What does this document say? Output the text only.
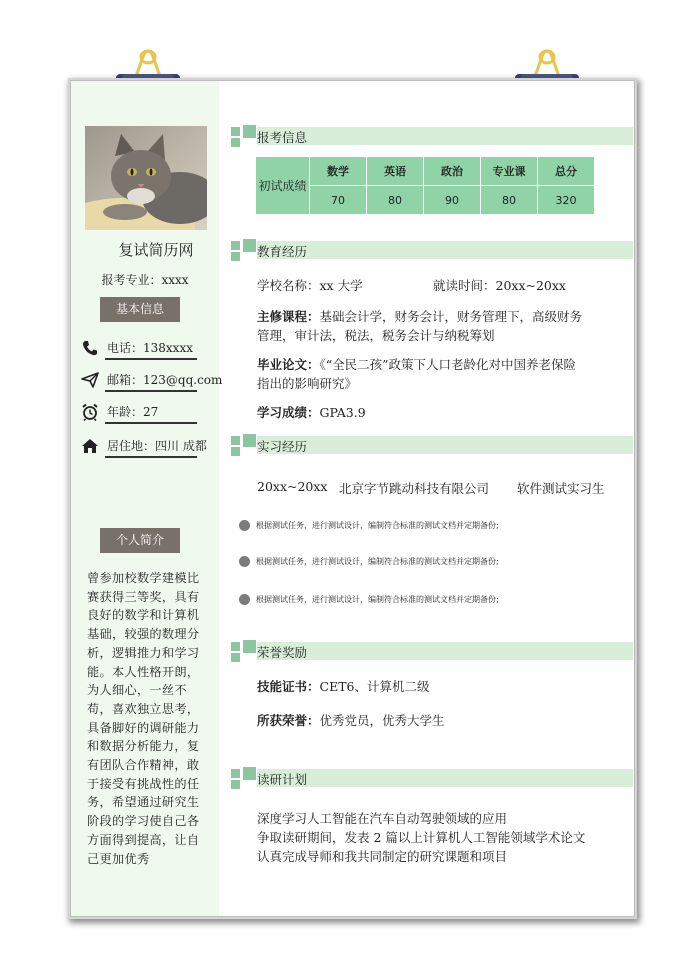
复试简历网
报考专业：xxxx
基本信息
电话：138xxxx
邮箱：123@qq.com
年龄：27
居住地：四川 成都
个人简介
曾参加校数学建模比赛获得三等奖，具有良好的数学和计算机基础，较强的数理分析，逻辑推力和学习能。本人性格开朗，为人细心，一丝不苟，喜欢独立思考，具备脚好的调研能力和数据分析能力，复有团队合作精神，敢于接受有挑战性的任务，希望通过研究生阶段的学习使自己各方面得到提高，让自己更加优秀
报考信息
初试成绩	数学	英语	政治	专业课	总分
	70	80	90	80	320
教育经历
学校名称：xx 大学	就读时间：20xx~20xx
主修课程：基础会计学，财务会计，财务管理下，高级财务
管理，审计法，税法，税务会计与纳税筹划
毕业论文：《“全民二孩”政策下人口老龄化对中国养老保险
指出的影响研究》
学习成绩：GPA3.9
实习经历
20xx~20xx 北京字节跳动科技有限公司 软件测试实习生
根据测试任务，进行测试设计，编制符合标准的测试文档并定期备份;
根据测试任务，进行测试设计，编制符合标准的测试文档并定期备份;
根据测试任务，进行测试设计，编制符合标准的测试文档并定期备份;
荣誉奖励
技能证书：CET6、计算机二级
所获荣誉：优秀党员，优秀大学生
读研计划
深度学习人工智能在汽车自动驾驶领域的应用
争取读研期间，发表 2 篇以上计算机人工智能领域学术论文
认真完成导师和我共同制定的研究课题和项目
